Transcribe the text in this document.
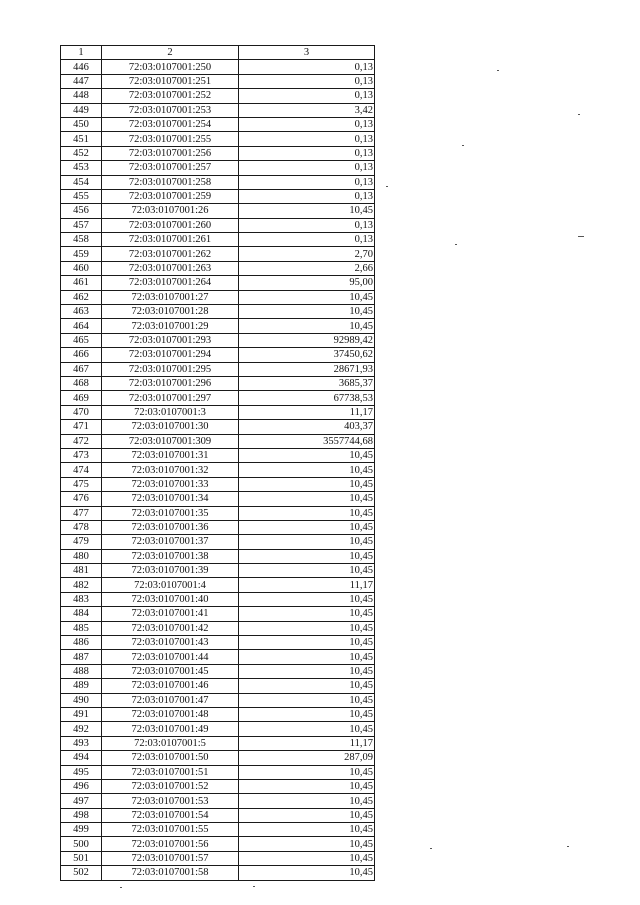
1	2	3
446	72:03:0107001:250	0,13
447	72:03:0107001:251	0,13
448	72:03:0107001:252	0,13
449	72:03:0107001:253	3,42
450	72:03:0107001:254	0,13
451	72:03:0107001:255	0,13
452	72:03:0107001:256	0,13
453	72:03:0107001:257	0,13
454	72:03:0107001:258	0,13
455	72:03:0107001:259	0,13
456	72:03:0107001:26	10,45
457	72:03:0107001:260	0,13
458	72:03:0107001:261	0,13
459	72:03:0107001:262	2,70
460	72:03:0107001:263	2,66
461	72:03:0107001:264	95,00
462	72:03:0107001:27	10,45
463	72:03:0107001:28	10,45
464	72:03:0107001:29	10,45
465	72:03:0107001:293	92989,42
466	72:03:0107001:294	37450,62
467	72:03:0107001:295	28671,93
468	72:03:0107001:296	3685,37
469	72:03:0107001:297	67738,53
470	72:03:0107001:3	11,17
471	72:03:0107001:30	403,37
472	72:03:0107001:309	3557744,68
473	72:03:0107001:31	10,45
474	72:03:0107001:32	10,45
475	72:03:0107001:33	10,45
476	72:03:0107001:34	10,45
477	72:03:0107001:35	10,45
478	72:03:0107001:36	10,45
479	72:03:0107001:37	10,45
480	72:03:0107001:38	10,45
481	72:03:0107001:39	10,45
482	72:03:0107001:4	11,17
483	72:03:0107001:40	10,45
484	72:03:0107001:41	10,45
485	72:03:0107001:42	10,45
486	72:03:0107001:43	10,45
487	72:03:0107001:44	10,45
488	72:03:0107001:45	10,45
489	72:03:0107001:46	10,45
490	72:03:0107001:47	10,45
491	72:03:0107001:48	10,45
492	72:03:0107001:49	10,45
493	72:03:0107001:5	11,17
494	72:03:0107001:50	287,09
495	72:03:0107001:51	10,45
496	72:03:0107001:52	10,45
497	72:03:0107001:53	10,45
498	72:03:0107001:54	10,45
499	72:03:0107001:55	10,45
500	72:03:0107001:56	10,45
501	72:03:0107001:57	10,45
502	72:03:0107001:58	10,45
